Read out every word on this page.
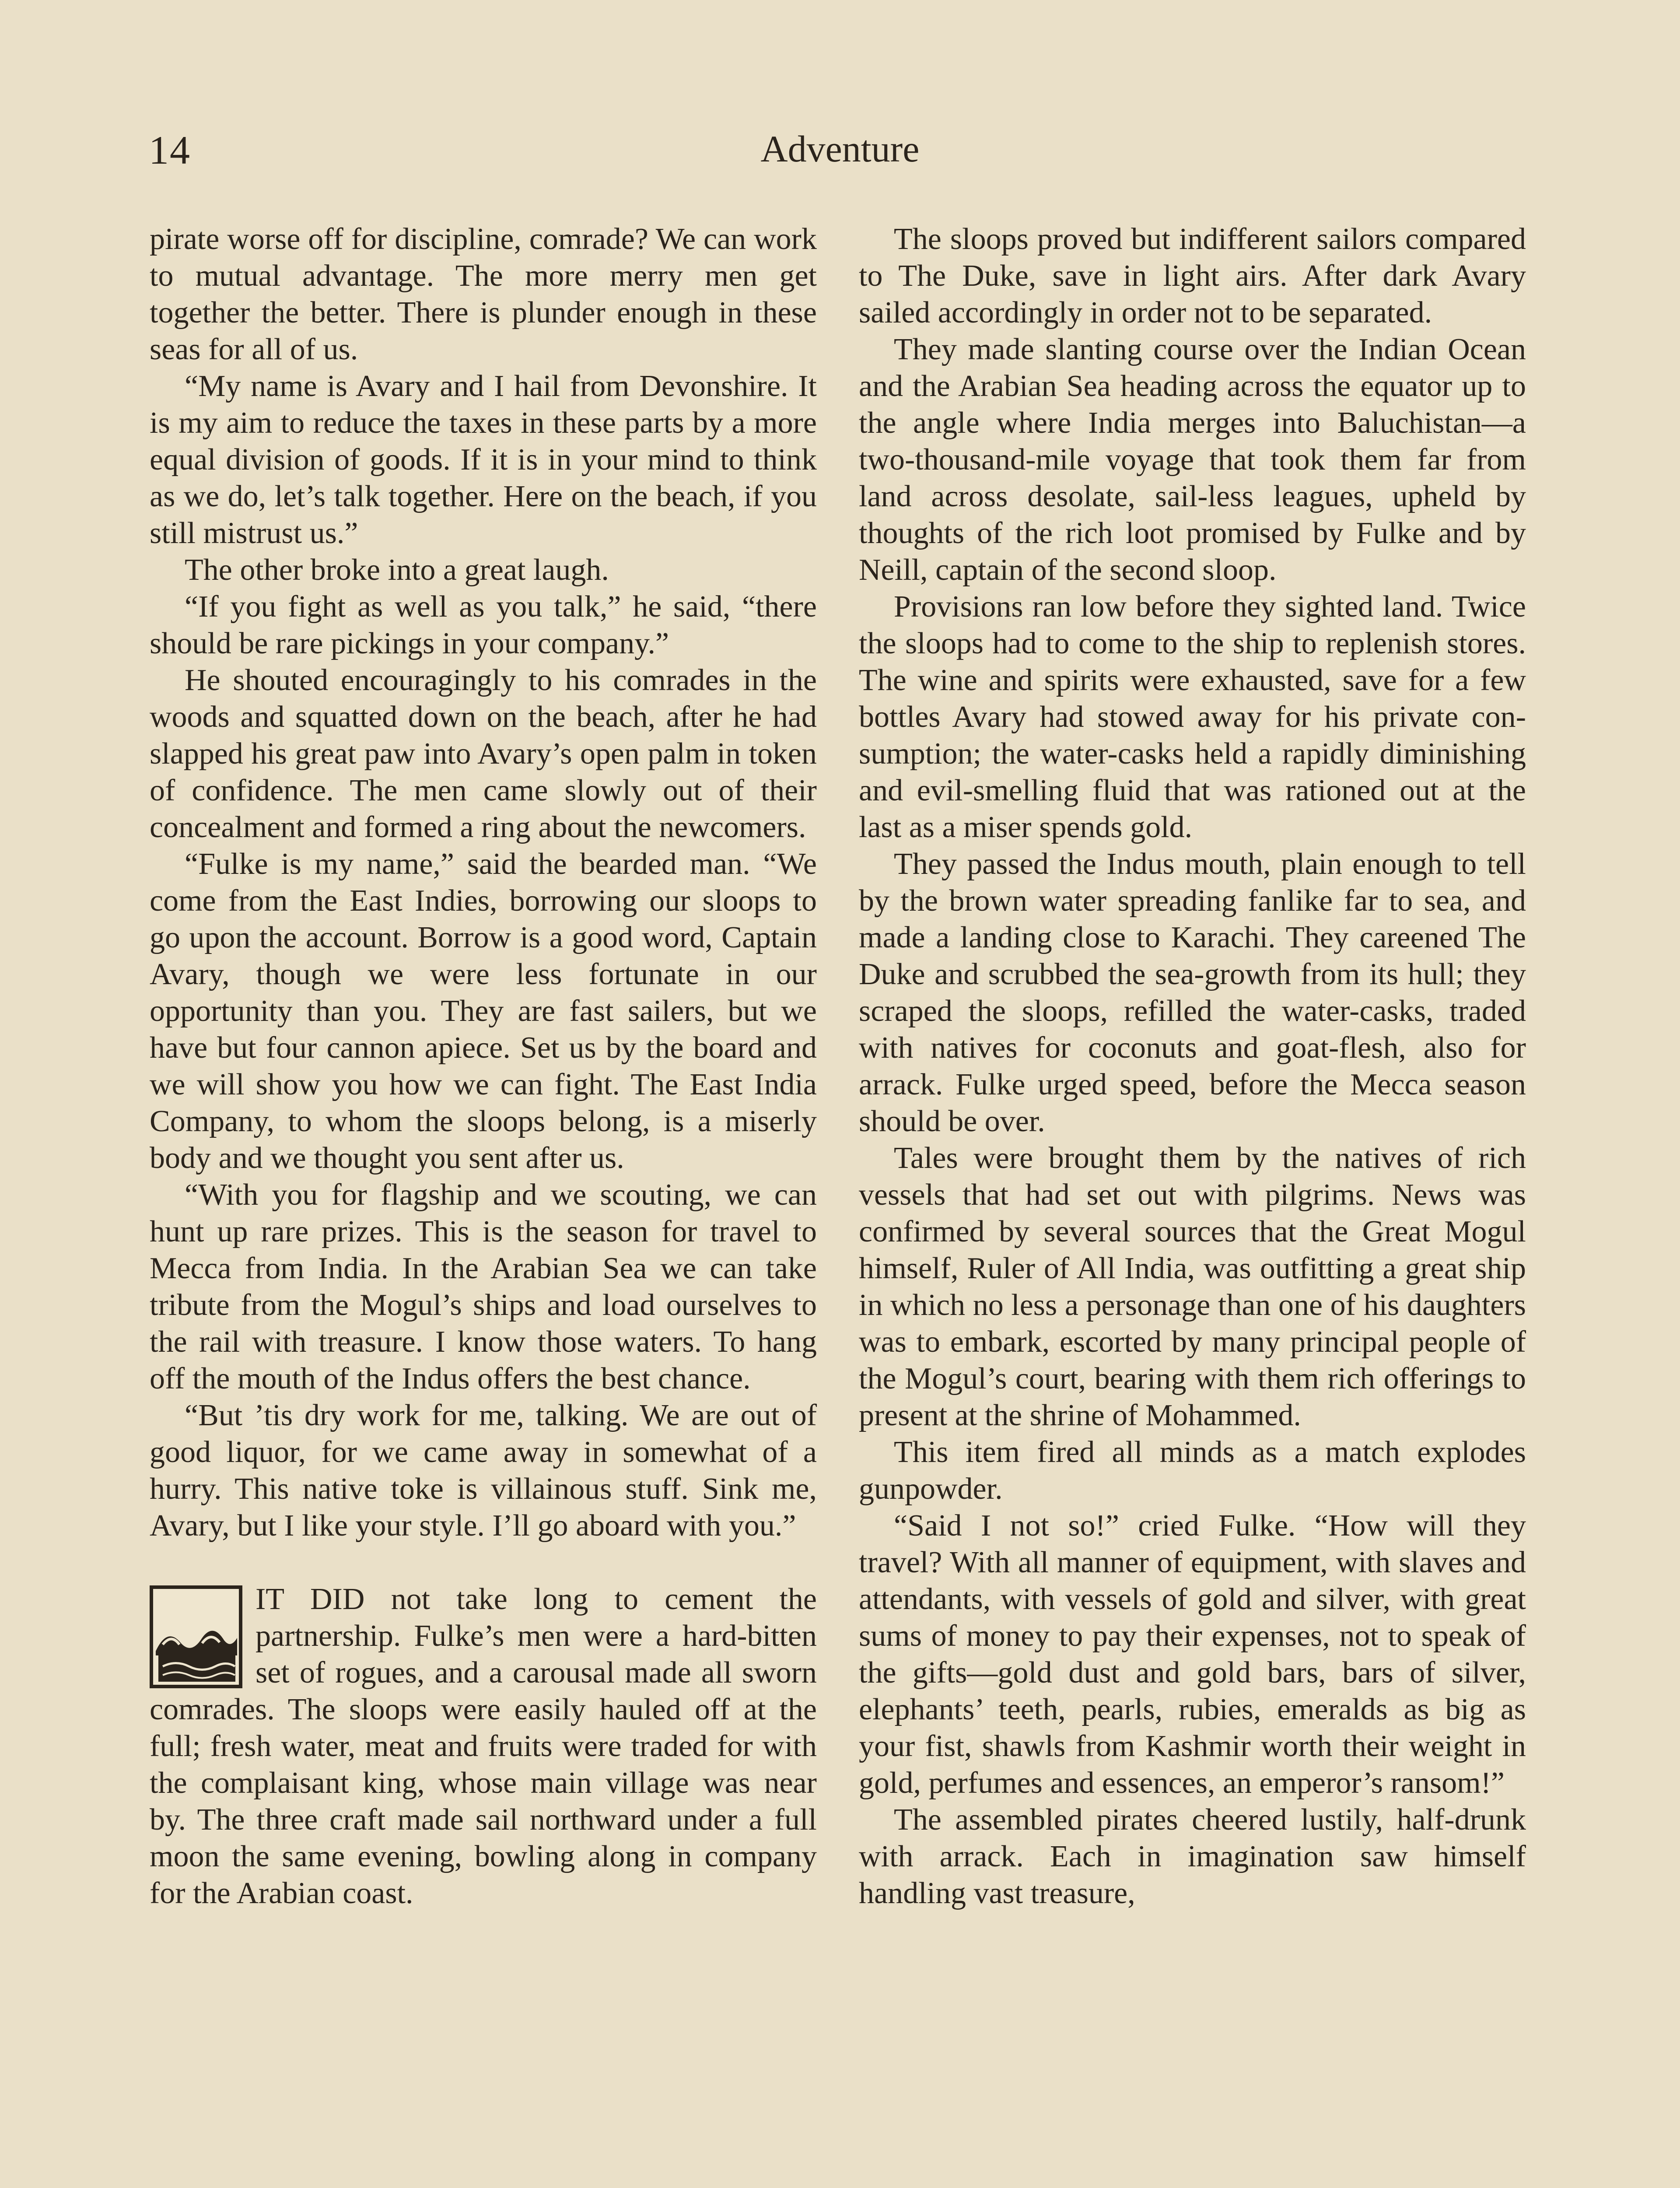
Adventure
14

pirate worse off for discipline, comrade? We can work to mutual advantage. The more merry men get together the better. There is plunder enough in these seas for all of us.

“My name is Avary and I hail from Devonshire. It is my aim to reduce the taxes in these parts by a more equal division of goods. If it is in your mind to think as we do, let’s talk together. Here on the beach, if you still mistrust us.”

The other broke into a great laugh.

“If you fight as well as you talk,” he said, “there should be rare pickings in your company.”

He shouted encouragingly to his comrades in the woods and squatted down on the beach, after he had slapped his great paw into Avary’s open palm in token of confidence. The men came slowly out of their concealment and formed a ring about the newcomers.

“Fulke is my name,” said the bearded man. “We come from the East Indies, borrowing our sloops to go upon the account. Borrow is a good word, Captain Avary, though we were less fortunate in our opportunity than you. They are fast sailers, but we have but four cannon apiece. Set us by the board and we will show you how we can fight. The East India Company, to whom the sloops belong, is a miserly body and we thought you sent after us.

“With you for flagship and we scouting, we can hunt up rare prizes. This is the season for travel to Mecca from India. In the Arabian Sea we can take tribute from the Mogul’s ships and load ourselves to the rail with treasure. I know those waters. To hang off the mouth of the Indus offers the best chance.

“But ’tis dry work for me, talking. We are out of good liquor, for we came away in somewhat of a hurry. This native toke is villainous stuff. Sink me, Avary, but I like your style. I’ll go aboard with you.”

IT DID not take long to cement the partnership. Fulke’s men were a hard-bitten set of rogues, and a carousal made all sworn comrades. The sloops were easily hauled off at the full; fresh water, meat and fruits were traded for with the complaisant king, whose main village was near by. The three craft made sail northward under a full moon the same evening, bowling along in company for the Arabian coast.

The sloops proved but indifferent sailors compared to The Duke, save in light airs. After dark Avary sailed accordingly in order not to be separated.

They made slanting course over the Indian Ocean and the Arabian Sea heading across the equator up to the angle where India merges into Baluchistan—a two-thousand-mile voyage that took them far from land across desolate, sail-less leagues, upheld by thoughts of the rich loot promised by Fulke and by Neill, captain of the second sloop.

Provisions ran low before they sighted land. Twice the sloops had to come to the ship to replenish stores. The wine and spirits were exhausted, save for a few bottles Avary had stowed away for his private consumption; the water-casks held a rapidly diminishing and evil-smelling fluid that was rationed out at the last as a miser spends gold.

They passed the Indus mouth, plain enough to tell by the brown water spreading fanlike far to sea, and made a landing close to Karachi. They careened The Duke and scrubbed the sea-growth from its hull; they scraped the sloops, refilled the water-casks, traded with natives for coconuts and goat-flesh, also for arrack. Fulke urged speed, before the Mecca season should be over.

Tales were brought them by the natives of rich vessels that had set out with pilgrims. News was confirmed by several sources that the Great Mogul himself, Ruler of All India, was outfitting a great ship in which no less a personage than one of his daughters was to embark, escorted by many principal people of the Mogul’s court, bearing with them rich offerings to present at the shrine of Mohammed.

This item fired all minds as a match explodes gunpowder.

“Said I not so!” cried Fulke. “How will they travel? With all manner of equipment, with slaves and attendants, with vessels of gold and silver, with great sums of money to pay their expenses, not to speak of the gifts—gold dust and gold bars, bars of silver, elephants’ teeth, pearls, rubies, emeralds as big as your fist, shawls from Kashmir worth their weight in gold, perfumes and essences, an emperor’s ransom!”

The assembled pirates cheered lustily, half-drunk with arrack. Each in imagination saw himself handling vast treasure,
